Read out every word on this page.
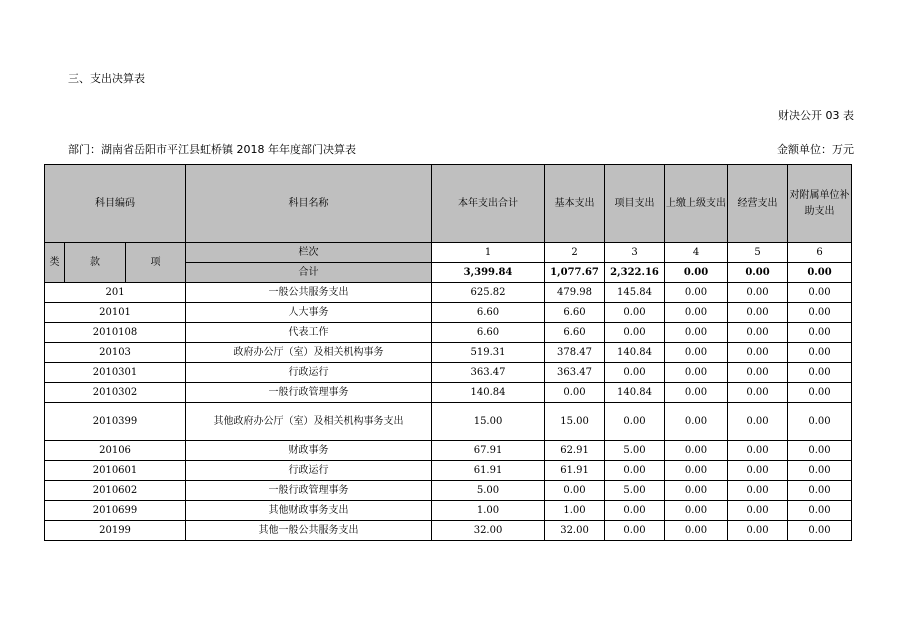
三、支出决算表
财决公开 03 表
部门：湖南省岳阳市平江县虹桥镇 2018 年年度部门决算表	金额单位：万元
科目编码			科目名称	本年支出合计	基本支出	项目支出	上缴上级支出	经营支出	对附属单位补助支出
类	款	项	栏次	1	2	3	4	5	6
			合计	3,399.84	1,077.67	2,322.16	0.00	0.00	0.00
201			一般公共服务支出	625.82	479.98	145.84	0.00	0.00	0.00
20101			人大事务	6.60	6.60	0.00	0.00	0.00	0.00
2010108			代表工作	6.60	6.60	0.00	0.00	0.00	0.00
20103			政府办公厅（室）及相关机构事务	519.31	378.47	140.84	0.00	0.00	0.00
2010301			行政运行	363.47	363.47	0.00	0.00	0.00	0.00
2010302			一般行政管理事务	140.84	0.00	140.84	0.00	0.00	0.00
2010399			其他政府办公厅（室）及相关机构事务支出	15.00	15.00	0.00	0.00	0.00	0.00
20106			财政事务	67.91	62.91	5.00	0.00	0.00	0.00
2010601			行政运行	61.91	61.91	0.00	0.00	0.00	0.00
2010602			一般行政管理事务	5.00	0.00	5.00	0.00	0.00	0.00
2010699			其他财政事务支出	1.00	1.00	0.00	0.00	0.00	0.00
20199			其他一般公共服务支出	32.00	32.00	0.00	0.00	0.00	0.00
